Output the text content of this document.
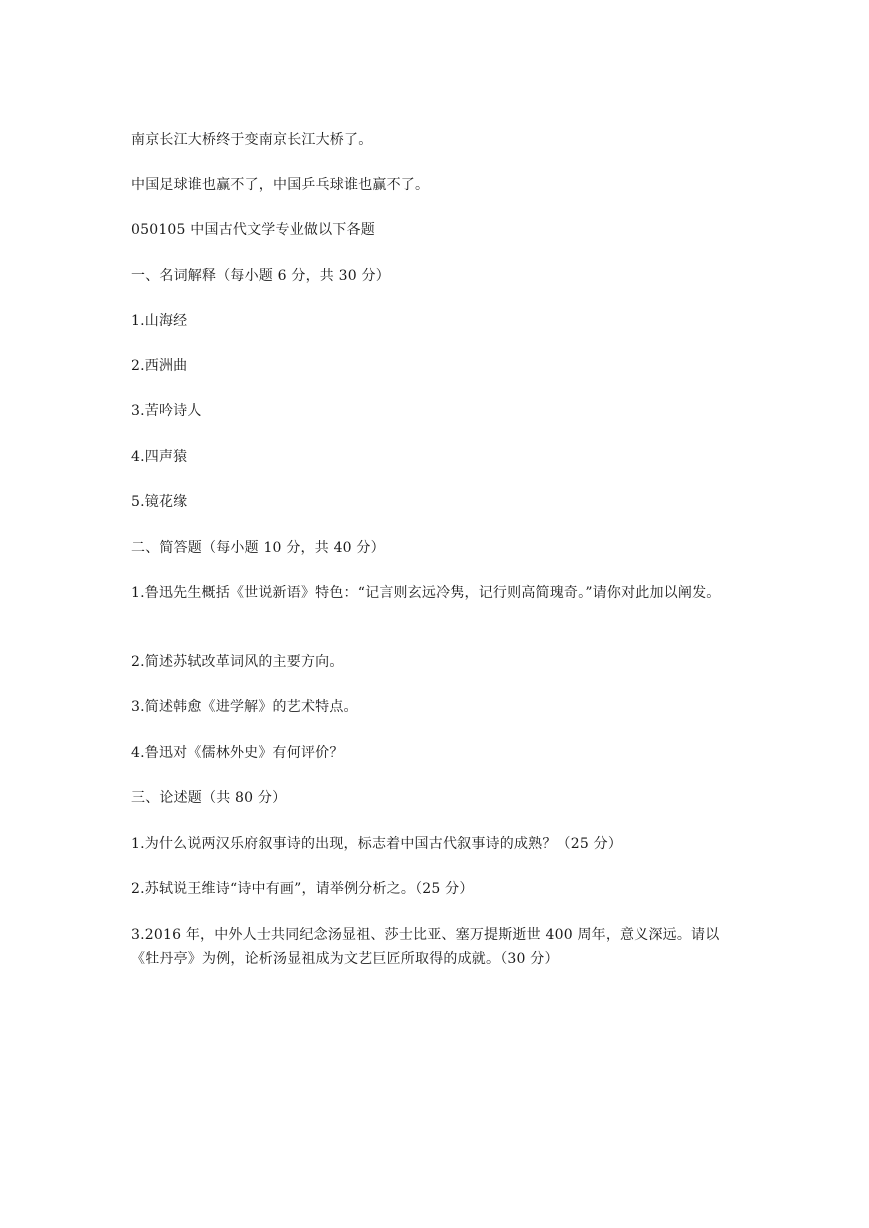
南京长江大桥终于变南京长江大桥了。
中国足球谁也赢不了，中国乒乓球谁也赢不了。
050105 中国古代文学专业做以下各题
一、名词解释（每小题 6 分，共 30 分）
1.山海经
2.西洲曲
3.苦吟诗人
4.四声猿
5.镜花缘
二、简答题（每小题 10 分，共 40 分）
1.鲁迅先生概括《世说新语》特色：“记言则玄远冷隽，记行则高简瑰奇。”请你对此加以阐发。
2.简述苏轼改革词风的主要方向。
3.简述韩愈《进学解》的艺术特点。
4.鲁迅对《儒林外史》有何评价？
三、论述题（共 80 分）
1.为什么说两汉乐府叙事诗的出现，标志着中国古代叙事诗的成熟？（25 分）
2.苏轼说王维诗“诗中有画”，请举例分析之。（25 分）
3.2016 年，中外人士共同纪念汤显祖、莎士比亚、塞万提斯逝世 400 周年，意义深远。请以《牡丹亭》为例，论析汤显祖成为文艺巨匠所取得的成就。（30 分）
